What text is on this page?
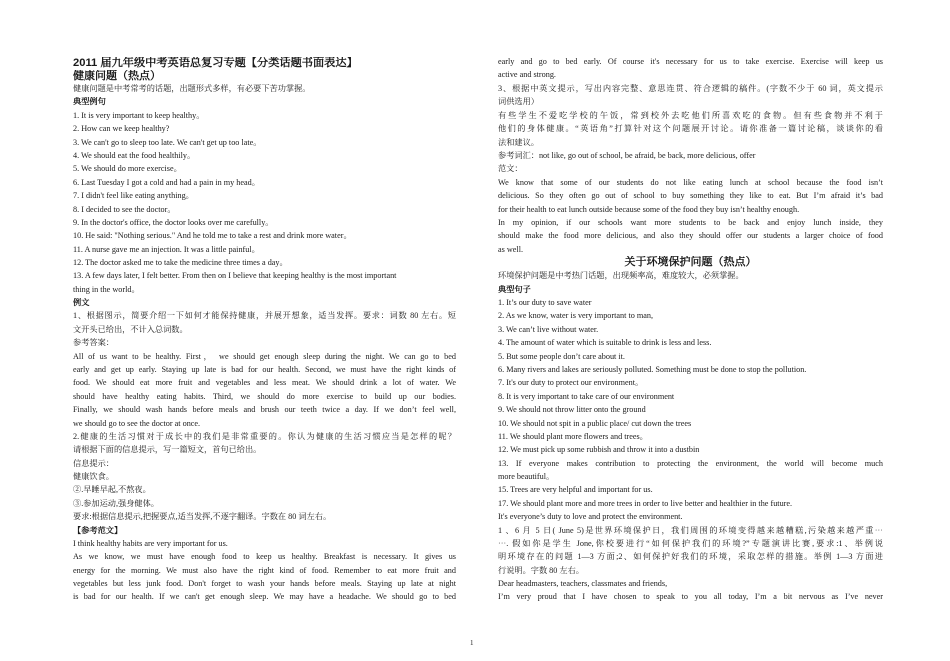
2011 届九年级中考英语总复习专题【分类话题书面表达】
健康问题（热点）
健康问题是中考常考的话题，出题形式多样，有必要下苦功掌握。
典型例句
1. It is very important to keep healthy。
2. How can we keep healthy?
3. We can't go to sleep too late. We can't get up too late。
4. We should eat the food healthily。
5. We should do more exercise。
6. Last Tuesday I got a cold and had a pain in my head。
7. I didn't feel like eating anything。
8. I decided to see the doctor。
9. In the doctor's office, the doctor looks over me carefully。
10. He said: "Nothing serious." And he told me to take a rest and drink more water。
11. A nurse gave me an injection. It was a little painful。
12. The doctor asked me to take the medicine three times a day。
13. A few days later, I felt better. From then on I believe that keeping healthy is the most important
thing in the world。
例文
1、根据图示，简要介绍一下如何才能保持健康，并展开想象，适当发挥。要求：词数 80 左右。短
文开头已给出，不计入总词数。
参考答案：
All of us want to be healthy. First， we should get enough sleep during the night. We can go to bed
early and get up early. Staying up late is bad for our health. Second, we must have the right kinds of
food. We should eat more fruit and vegetables and less meat. We should drink a lot of water. We
should have healthy eating habits. Third, we should do more exercise to build up our bodies.
Finally, we should wash hands before meals and brush our teeth twice a day. If we don’t feel well,
we should go to see the doctor at once.
2.健康的生活习惯对于成长中的我们是非常重要的。你认为健康的生活习惯应当是怎样的呢？
请根据下面的信息提示，写一篇短文，首句已给出。
信息提示：
健康饮食。
②.早睡早起,不熬夜。
③.参加运动,强身健体。
要求:根据信息提示,把握要点,适当发挥,不逐字翻译。字数在 80 词左右。
【参考范文】
I think healthy habits are very important for us.
As we know, we must have enough food to keep us healthy. Breakfast is necessary. It gives us
energy for the morning. We must also have the right kind of food. Remember to eat more fruit and
vegetables but less junk food. Don't forget to wash your hands before meals. Staying up late at night
is bad for our health. If we can't get enough sleep. We may have a headache. We should go to bed
early and go to bed early. Of course it's necessary for us to take exercise. Exercise will keep us
active and strong.
3、根据中英文提示，写出内容完整、意思连贯、符合逻辑的稿件。(字数不少于 60 词，英文提示
词供选用）
有些学生不爱吃学校的午饭，常到校外去吃他们所喜欢吃的食物。但有些食物并不利于
他们的身体健康。“英语角”打算针对这个问题展开讨论。请你准备一篇讨论稿，谈谈你的看
法和建议。
参考词汇：not like, go out of school, be afraid, be back, more delicious, offer
范文：
We know that some of our students do not like eating lunch at school because the food isn’t
delicious. So they often go out of school to buy something they like to eat. But I’m afraid it’s bad
for their health to eat lunch outside because some of the food they buy isn’t healthy enough.
In my opinion, if our schools want more students to be back and enjoy lunch inside, they
should make the food more delicious, and also they should offer our students a larger choice of food
as well.
关于环境保护问题（热点）
环境保护问题是中考热门话题，出现频率高，难度较大，必须掌握。
典型句子
1. It’s our duty to save water
2. As we know, water is very important to man,
3. We can’t live without water.
4. The amount of water which is suitable to drink is less and less.
5. But some people don’t care about it.
6. Many rivers and lakes are seriously polluted. Something must be done to stop the pollution.
7. It's our duty to protect our environment。
8. It is very important to take care of our environment
9. We should not throw litter onto the ground
10. We should not spit in a public place/ cut down the trees
11. We should plant more flowers and trees。
12. We must pick up some rubbish and throw it into a dustbin
13. If everyone makes contribution to protecting the environment, the world will become much
more beautiful。
15. Trees are very helpful and important for us.
17. We should plant more and more trees in order to live better and healthier in the future.
It's everyone’s duty to love and protect the environment.
1 、6 月 5 日( June 5)是世界环境保护日，我们周围的环境变得越来越糟糕,污染越来越严重⋯
⋯. 假如你是学生 Jone,你校要进行“如何保护我们的环境?”专题演讲比赛,要求:1、举例说
明环境存在的问题 1—3 方面;2、如何保护好我们的环境，采取怎样的措施。举例 1—3 方面进
行说明。字数 80 左右。
Dear headmasters, teachers, classmates and friends,
I’m very proud that I have chosen to speak to you all today, I’m a bit nervous as I’ve never
1
